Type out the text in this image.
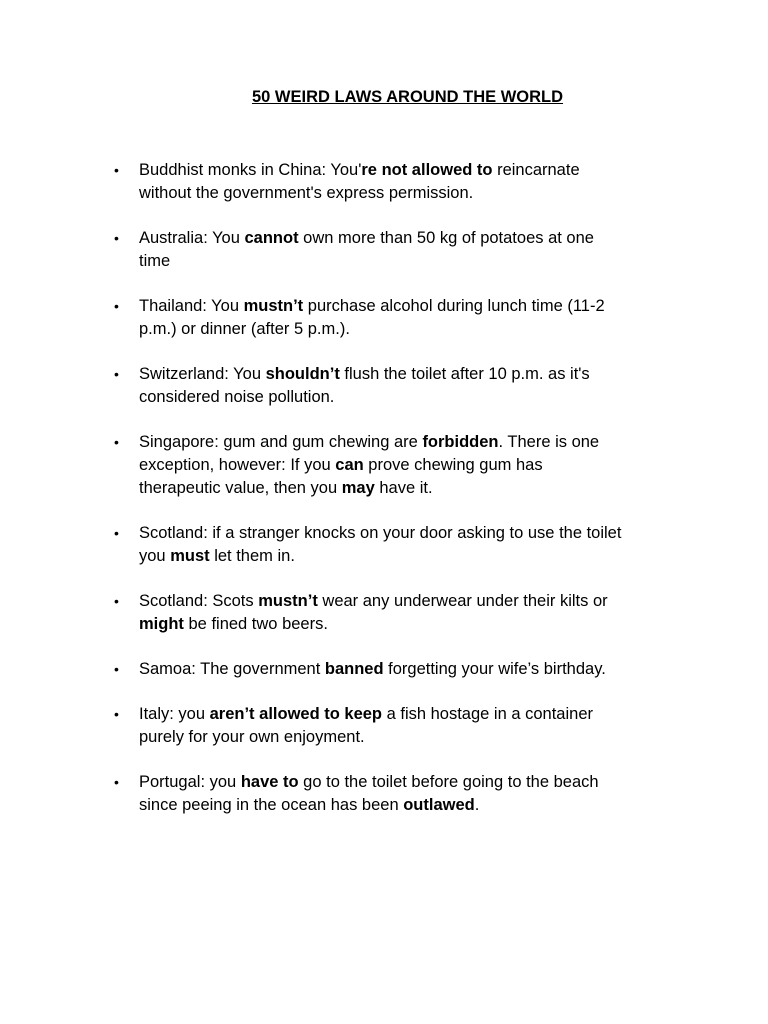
50 WEIRD LAWS AROUND THE WORLD
•	Buddhist monks in China: You're not allowed to reincarnate
without the government's express permission.
•	Australia: You cannot own more than 50 kg of potatoes at one
time
•	Thailand: You mustn’t purchase alcohol during lunch time (11-2
p.m.) or dinner (after 5 p.m.).
•	Switzerland: You shouldn’t flush the toilet after 10 p.m. as it's
considered noise pollution.
•	Singapore: gum and gum chewing are forbidden. There is one
exception, however: If you can prove chewing gum has
therapeutic value, then you may have it.
•	Scotland: if a stranger knocks on your door asking to use the toilet
you must let them in.
•	Scotland: Scots mustn’t wear any underwear under their kilts or
might be fined two beers.
•	Samoa: The government banned forgetting your wife’s birthday.
•	Italy: you aren’t allowed to keep a fish hostage in a container
purely for your own enjoyment.
•	Portugal: you have to go to the toilet before going to the beach
since peeing in the ocean has been outlawed.
